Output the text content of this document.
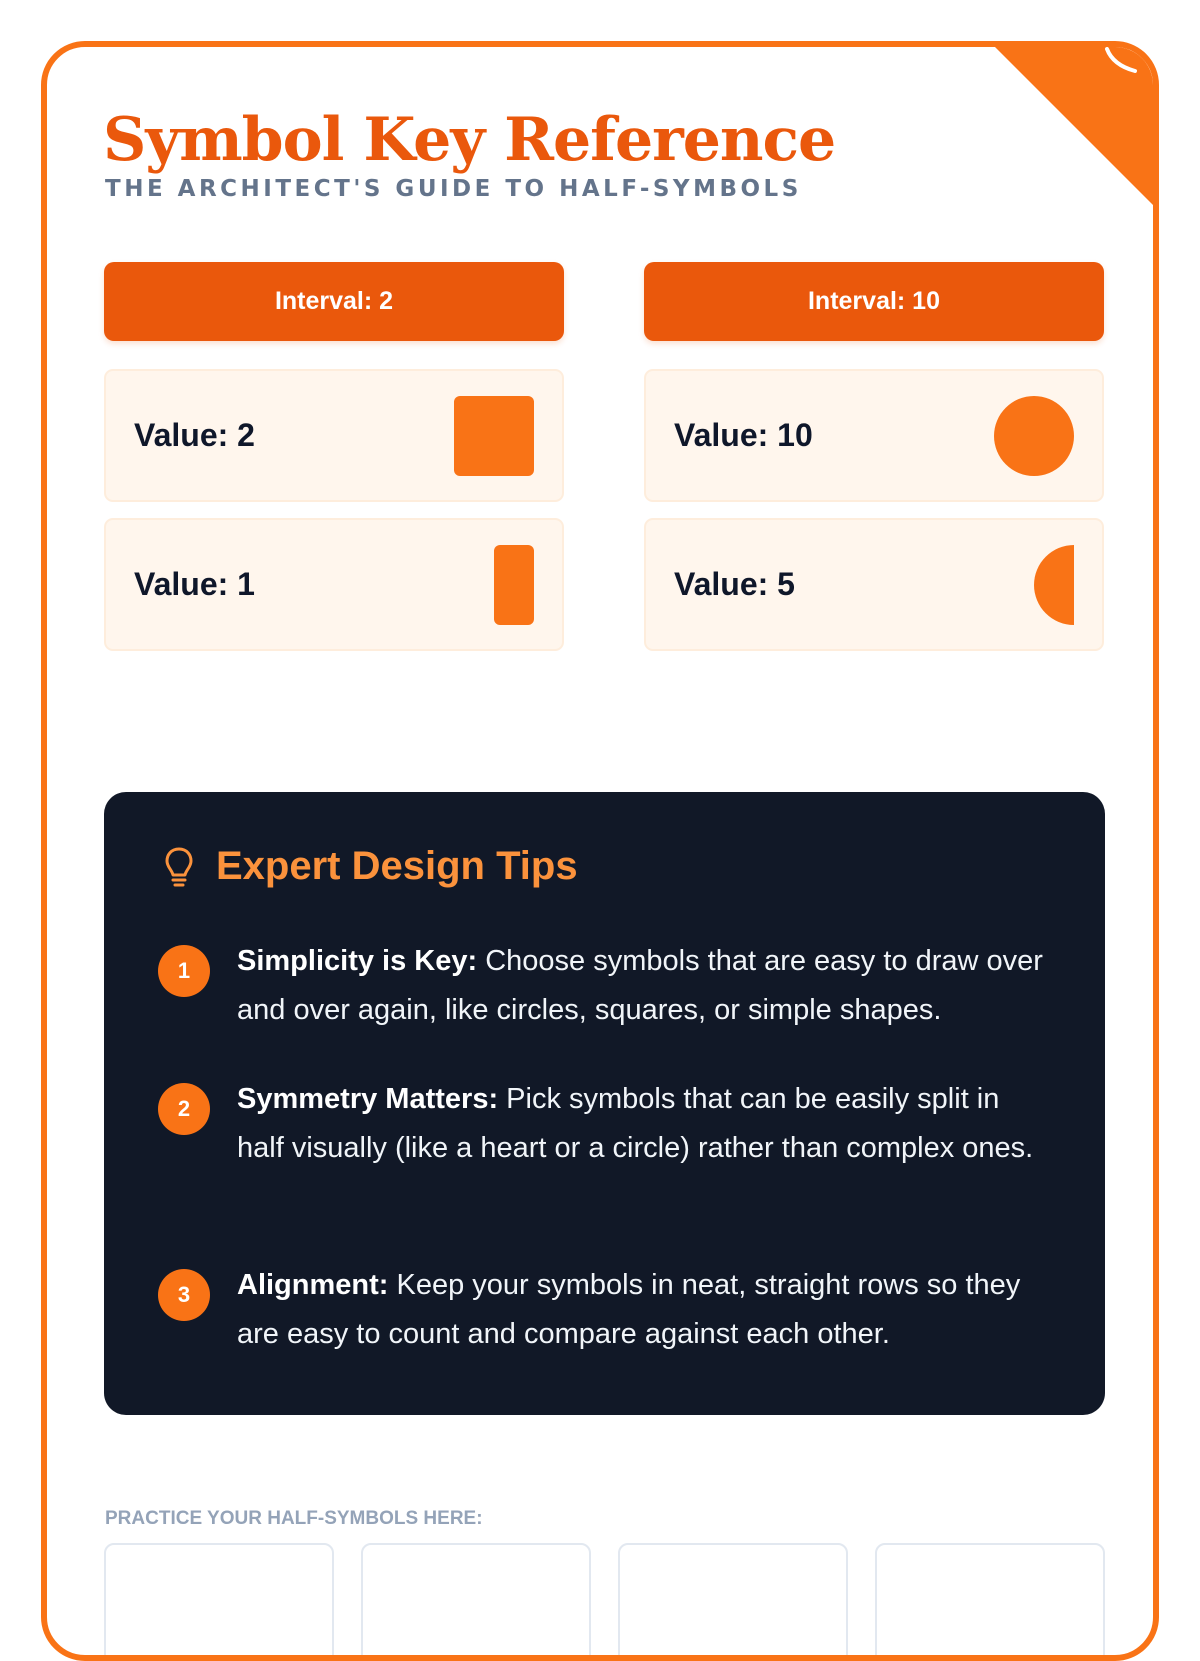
Symbol Key Reference

THE ARCHITECT'S GUIDE TO HALF-SYMBOLS

Interval: 2
Value: 2
Value: 1
Interval: 10
Value: 10
Value: 5
Expert Design Tips
1	Simplicity is Key: Choose symbols that are easy to draw over and over again, like circles, squares, or simple shapes.
2	Symmetry Matters: Pick symbols that can be easily split in half visually (like a heart or a circle) rather than complex ones.
3	Alignment: Keep your symbols in neat, straight rows so they are easy to count and compare against each other.

PRACTICE YOUR HALF-SYMBOLS HERE:
